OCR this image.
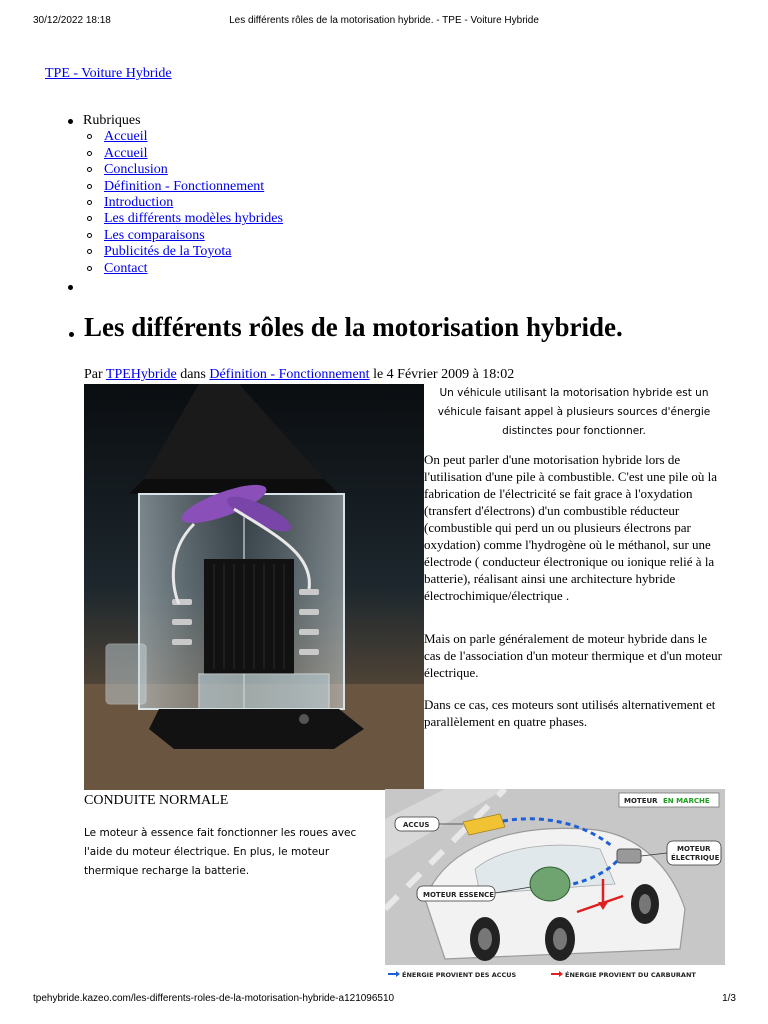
30/12/2022 18:18	Les différents rôles de la motorisation hybride. - TPE - Voiture Hybride
TPE - Voiture Hybride
Rubriques
Accueil
Accueil
Conclusion
Définition - Fonctionnement
Introduction
Les différents modèles hybrides
Les comparaisons
Publicités de la Toyota
Contact
Les différents rôles de la motorisation hybride.
Par TPEHybride dans Définition - Fonctionnement le 4 Février 2009 à 18:02
Un véhicule utilisant la motorisation hybride est un véhicule faisant appel à plusieurs sources d'énergie distinctes pour fonctionner.
On peut parler d'une motorisation hybride lors de l'utilisation d'une pile à combustible. C'est une pile où la fabrication de l'électricité se fait grace à l'oxydation (transfert d'électrons) d'un combustible réducteur (combustible qui perd un ou plusieurs électrons par oxydation) comme l'hydrogène où le méthanol, sur une électrode ( conducteur électronique ou ionique relié à la batterie), réalisant ainsi une architecture hybride électrochimique/électrique .
Mais on parle généralement de moteur hybride dans le cas de l'association d'un moteur thermique et d'un moteur électrique.
Dans ce cas, ces moteurs sont utilisés alternativement et parallèlement en quatre phases.
CONDUITE NORMALE
Le moteur à essence fait fonctionner les roues avec l'aide du moteur électrique. En plus, le moteur thermique recharge la batterie.
MOTEUR EN MARCHE
ACCUS
MOTEUR
ÉLECTRIQUE
MOTEUR ESSENCE
ÉNERGIE PROVIENT DES ACCUS	ÉNERGIE PROVIENT DU CARBURANT
tpehybride.kazeo.com/les-differents-roles-de-la-motorisation-hybride-a121096510	1/3
